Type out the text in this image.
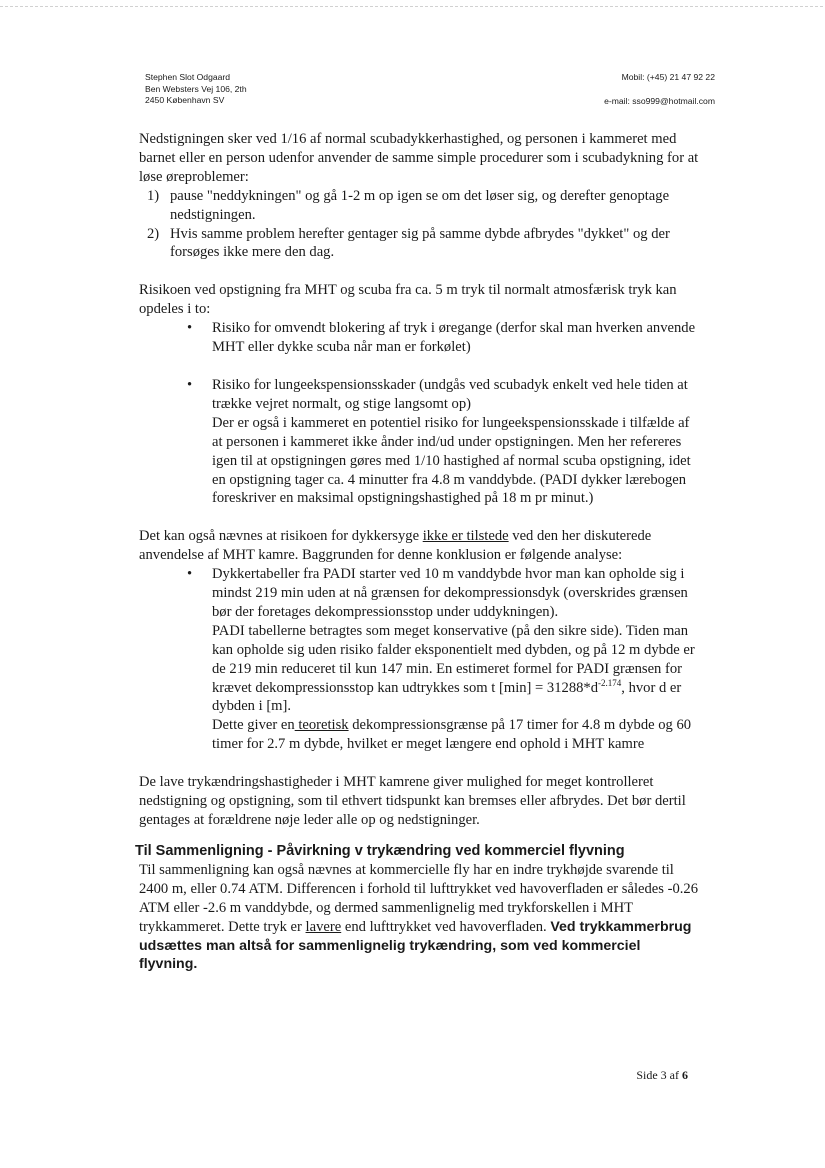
Stephen Slot Odgaard
Ben Websters Vej 106, 2th
2450 København SV
Mobil: (+45) 21 47 92 22
e-mail: sso999@hotmail.com

Nedstigningen sker ved 1/16 af normal scubadykkerhastighed, og personen i kammeret med barnet eller en person udenfor anvender de samme simple procedurer som i scubadykning for at løse øreproblemer:

1) pause "neddykningen" og gå 1-2 m op igen se om det løser sig, og derefter genoptage nedstigningen.
2) Hvis samme problem herefter gentager sig på samme dybde afbrydes "dykket" og der forsøges ikke mere den dag.

Risikoen ved opstigning fra MHT og scuba fra ca. 5 m tryk til normalt atmosfærisk tryk kan opdeles i to:

•	Risiko for omvendt blokering af tryk i øregange (derfor skal man hverken anvende MHT eller dykke scuba når man er forkølet)
•	Risiko for lungeekspensionsskader (undgås ved scubadyk enkelt ved hele tiden at trække vejret normalt, og stige langsomt op)
Der er også i kammeret en potentiel risiko for lungeekspensionsskade i tilfælde af at personen i kammeret ikke ånder ind/ud under opstigningen. Men her refereres igen til at opstigningen gøres med 1/10 hastighed af normal scuba opstigning, idet en opstigning tager ca. 4 minutter fra 4.8 m vanddybde. (PADI dykker lærebogen foreskriver en maksimal opstigningshastighed på 18 m pr minut.)

Det kan også nævnes at risikoen for dykkersyge ikke er tilstede ved den her diskuterede anvendelse af MHT kamre. Baggrunden for denne konklusion er følgende analyse:

•	Dykkertabeller fra PADI starter ved 10 m vanddybde hvor man kan opholde sig i mindst 219 min uden at nå grænsen for dekompressionsdyk (overskrides grænsen bør der foretages dekompressionsstop under uddykningen).
PADI tabellerne betragtes som meget konservative (på den sikre side). Tiden man kan opholde sig uden risiko falder eksponentielt med dybden, og på 12 m dybde er de 219 min reduceret til kun 147 min. En estimeret formel for PADI grænsen for krævet dekompressionsstop kan udtrykkes som t $[\min] = 31288*d^{-2.174}$, hvor d er dybden i [m].
Dette giver en teoretisk dekompressionsgrænse på 17 timer for 4.8 m dybde og 60 timer for 2.7 m dybde, hvilket er meget længere end ophold i MHT kamre

De lave trykændringshastigheder i MHT kamrene giver mulighed for meget kontrolleret nedstigning og opstigning, som til ethvert tidspunkt kan bremses eller afbrydes. Det bør dertil gentages at forældrene nøje leder alle op og nedstigninger.

Til Sammenligning - Påvirkning v trykændring ved kommerciel flyvning

Til sammenligning kan også nævnes at kommercielle fly har en indre trykhøjde svarende til 2400 m, eller 0.74 ATM. Differencen i forhold til lufttrykket ved havoverfladen er således -0.26 ATM eller -2.6 m vanddybde, og dermed sammenlignelig med trykforskellen i MHT trykkammeret. Dette tryk er lavere end lufttrykket ved havoverfladen. Ved trykkammerbrug udsættes man altså for sammenlignelig trykændring, som ved kommerciel flyvning.

Side 3 af 6
